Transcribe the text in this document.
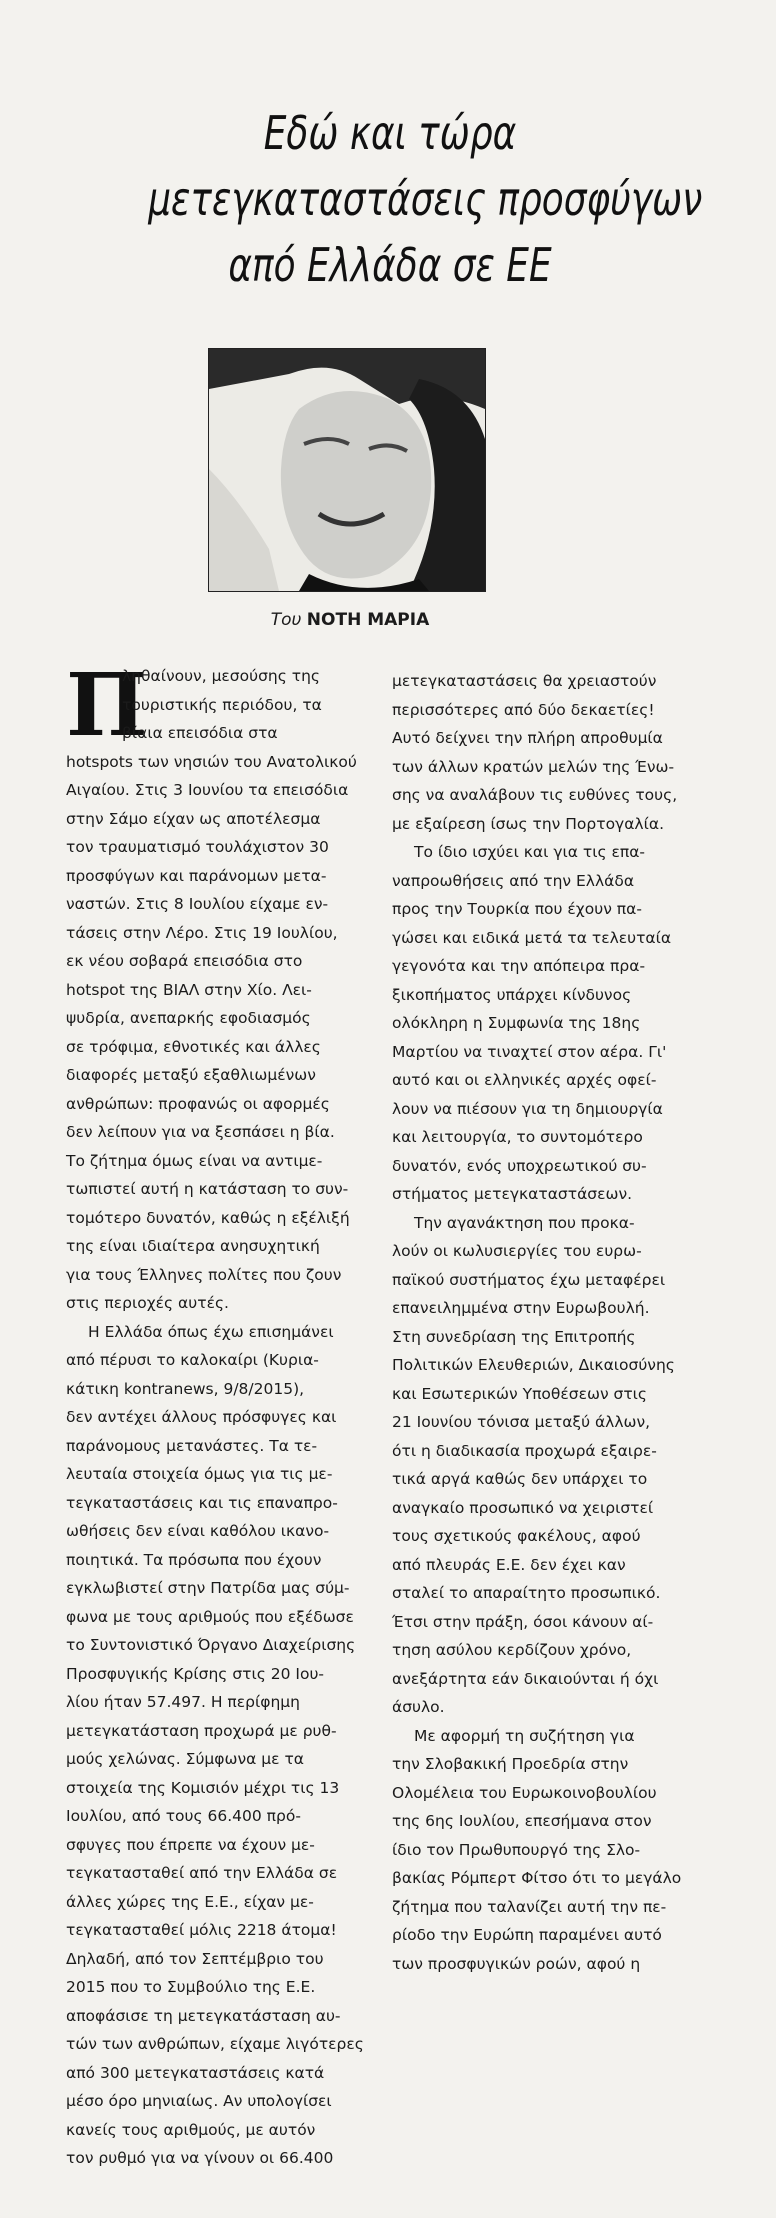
Εδώ και τώρα
μετεγκαταστάσεις προσφύγων
από Ελλάδα σε ΕΕ
Του ΝΟΤΗ ΜΑΡΙΑ
Π
ληθαίνουν, μεσούσης της
τουριστικής περιόδου, τα
βίαια επεισόδια στα
hotspots των νησιών του Ανατολικού
Αιγαίου. Στις 3 Ιουνίου τα επεισόδια
στην Σάμο είχαν ως αποτέλεσμα
τον τραυματισμό τουλάχιστον 30
προσφύγων και παράνομων μετα-
ναστών. Στις 8 Ιουλίου είχαμε εν-
τάσεις στην Λέρο. Στις 19 Ιουλίου,
εκ νέου σοβαρά επεισόδια στο
hotspot της ΒΙΑΛ στην Χίο. Λει-
ψυδρία, ανεπαρκής εφοδιασμός
σε τρόφιμα, εθνοτικές και άλλες
διαφορές μεταξύ εξαθλιωμένων
ανθρώπων: προφανώς οι αφορμές
δεν λείπουν για να ξεσπάσει η βία.
Το ζήτημα όμως είναι να αντιμε-
τωπιστεί αυτή η κατάσταση το συν-
τομότερο δυνατόν, καθώς η εξέλιξή
της είναι ιδιαίτερα ανησυχητική
για τους Έλληνες πολίτες που ζουν
στις περιοχές αυτές.
Η Ελλάδα όπως έχω επισημάνει
από πέρυσι το καλοκαίρι (Κυρια-
κάτικη kontranews, 9/8/2015),
δεν αντέχει άλλους πρόσφυγες και
παράνομους μετανάστες. Τα τε-
λευταία στοιχεία όμως για τις με-
τεγκαταστάσεις και τις επαναπρο-
ωθήσεις δεν είναι καθόλου ικανο-
ποιητικά. Τα πρόσωπα που έχουν
εγκλωβιστεί στην Πατρίδα μας σύμ-
φωνα με τους αριθμούς που εξέδωσε
το Συντονιστικό Όργανο Διαχείρισης
Προσφυγικής Κρίσης στις 20 Ιου-
λίου ήταν 57.497. Η περίφημη
μετεγκατάσταση προχωρά με ρυθ-
μούς χελώνας. Σύμφωνα με τα
στοιχεία της Κομισιόν μέχρι τις 13
Ιουλίου, από τους 66.400 πρό-
σφυγες που έπρεπε να έχουν με-
τεγκατασταθεί από την Ελλάδα σε
άλλες χώρες της Ε.Ε., είχαν με-
τεγκατασταθεί μόλις 2218 άτομα!
Δηλαδή, από τον Σεπτέμβριο του
2015 που το Συμβούλιο της Ε.Ε.
αποφάσισε τη μετεγκατάσταση αυ-
τών των ανθρώπων, είχαμε λιγότερες
από 300 μετεγκαταστάσεις κατά
μέσο όρο μηνιαίως. Αν υπολογίσει
κανείς τους αριθμούς, με αυτόν
τον ρυθμό για να γίνουν οι 66.400
μετεγκαταστάσεις θα χρειαστούν
περισσότερες από δύο δεκαετίες!
Αυτό δείχνει την πλήρη απροθυμία
των άλλων κρατών μελών της Ένω-
σης να αναλάβουν τις ευθύνες τους,
με εξαίρεση ίσως την Πορτογαλία.
Το ίδιο ισχύει και για τις επα-
ναπροωθήσεις από την Ελλάδα
προς την Τουρκία που έχουν πα-
γώσει και ειδικά μετά τα τελευταία
γεγονότα και την απόπειρα πρα-
ξικοπήματος υπάρχει κίνδυνος
ολόκληρη η Συμφωνία της 18ης
Μαρτίου να τιναχτεί στον αέρα. Γι'
αυτό και οι ελληνικές αρχές οφεί-
λουν να πιέσουν για τη δημιουργία
και λειτουργία, το συντομότερο
δυνατόν, ενός υποχρεωτικού συ-
στήματος μετεγκαταστάσεων.
Την αγανάκτηση που προκα-
λούν οι κωλυσιεργίες του ευρω-
παϊκού συστήματος έχω μεταφέρει
επανειλημμένα στην Ευρωβουλή.
Στη συνεδρίαση της Επιτροπής
Πολιτικών Ελευθεριών, Δικαιοσύνης
και Εσωτερικών Υποθέσεων στις
21 Ιουνίου τόνισα μεταξύ άλλων,
ότι η διαδικασία προχωρά εξαιρε-
τικά αργά καθώς δεν υπάρχει το
αναγκαίο προσωπικό να χειριστεί
τους σχετικούς φακέλους, αφού
από πλευράς Ε.Ε. δεν έχει καν
σταλεί το απαραίτητο προσωπικό.
Έτσι στην πράξη, όσοι κάνουν αί-
τηση ασύλου κερδίζουν χρόνο,
ανεξάρτητα εάν δικαιούνται ή όχι
άσυλο.
Με αφορμή τη συζήτηση για
την Σλοβακική Προεδρία στην
Ολομέλεια του Ευρωκοινοβουλίου
της 6ης Ιουλίου, επεσήμανα στον
ίδιο τον Πρωθυπουργό της Σλο-
βακίας Ρόμπερτ Φίτσο ότι το μεγάλο
ζήτημα που ταλανίζει αυτή την πε-
ρίοδο την Ευρώπη παραμένει αυτό
των προσφυγικών ροών, αφού η
